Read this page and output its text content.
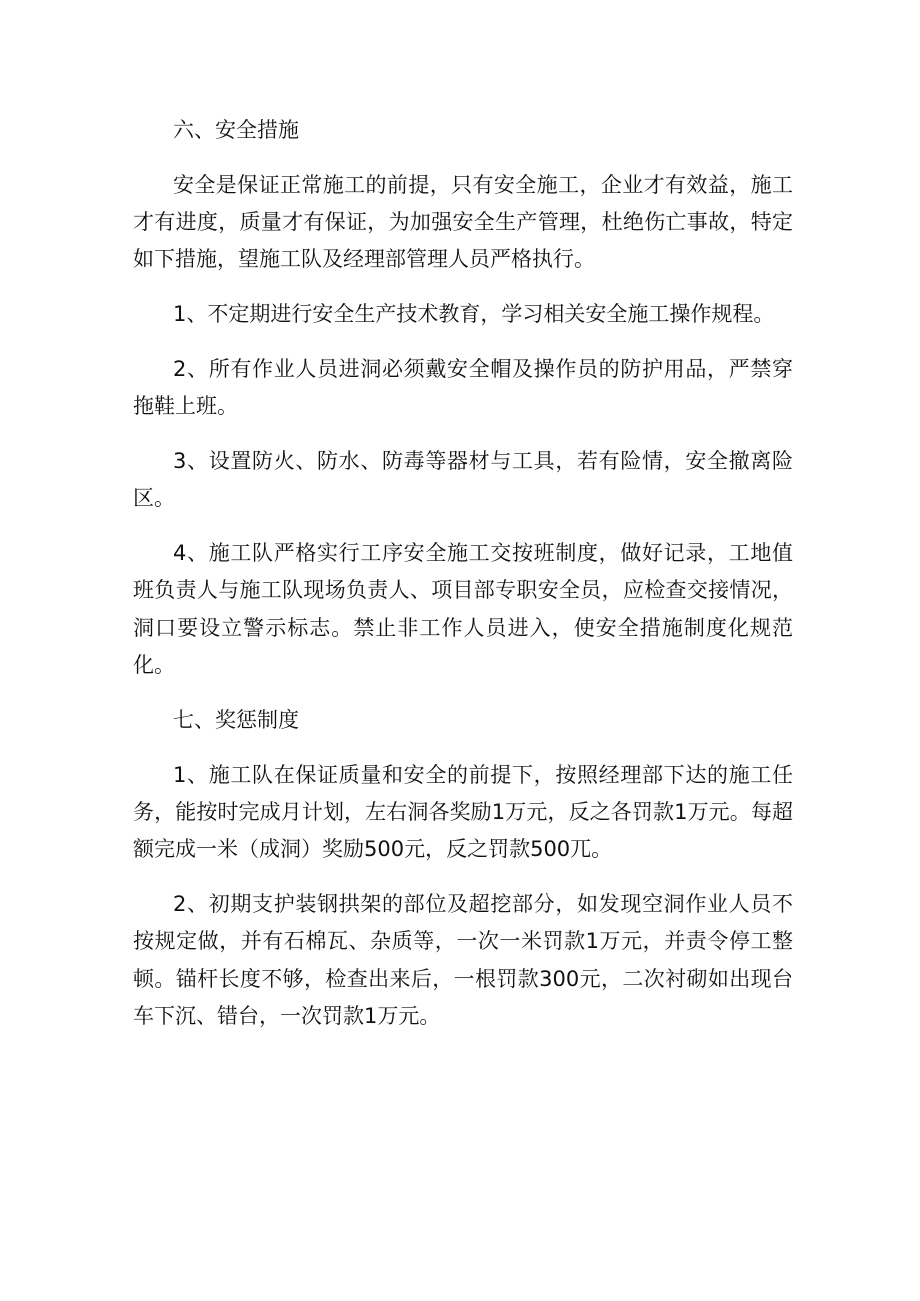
六、安全措施

安全是保证正常施工的前提，只有安全施工，企业才有效益，施工才有进度，质量才有保证，为加强安全生产管理，杜绝伤亡事故，特定如下措施，望施工队及经理部管理人员严格执行。

1、不定期进行安全生产技术教育，学习相关安全施工操作规程。

2、所有作业人员进洞必须戴安全帽及操作员的防护用品，严禁穿拖鞋上班。

3、设置防火、防水、防毒等器材与工具，若有险情，安全撤离险区。

4、施工队严格实行工序安全施工交按班制度，做好记录，工地值班负责人与施工队现场负责人、项目部专职安全员，应检查交接情况，洞口要设立警示标志。禁止非工作人员进入，使安全措施制度化规范化。

七、奖惩制度

1、施工队在保证质量和安全的前提下，按照经理部下达的施工任务，能按时完成月计划，左右洞各奖励1万元，反之各罚款1万元。每超额完成一米（成洞）奖励500元，反之罚款500兀。

2、初期支护装钢拱架的部位及超挖部分，如发现空洞作业人员不按规定做，并有石棉瓦、杂质等，一次一米罚款1万元，并责令停工整顿。锚杆长度不够，检查出来后，一根罚款300元，二次衬砌如出现台车下沉、错台，一次罚款1万元。
